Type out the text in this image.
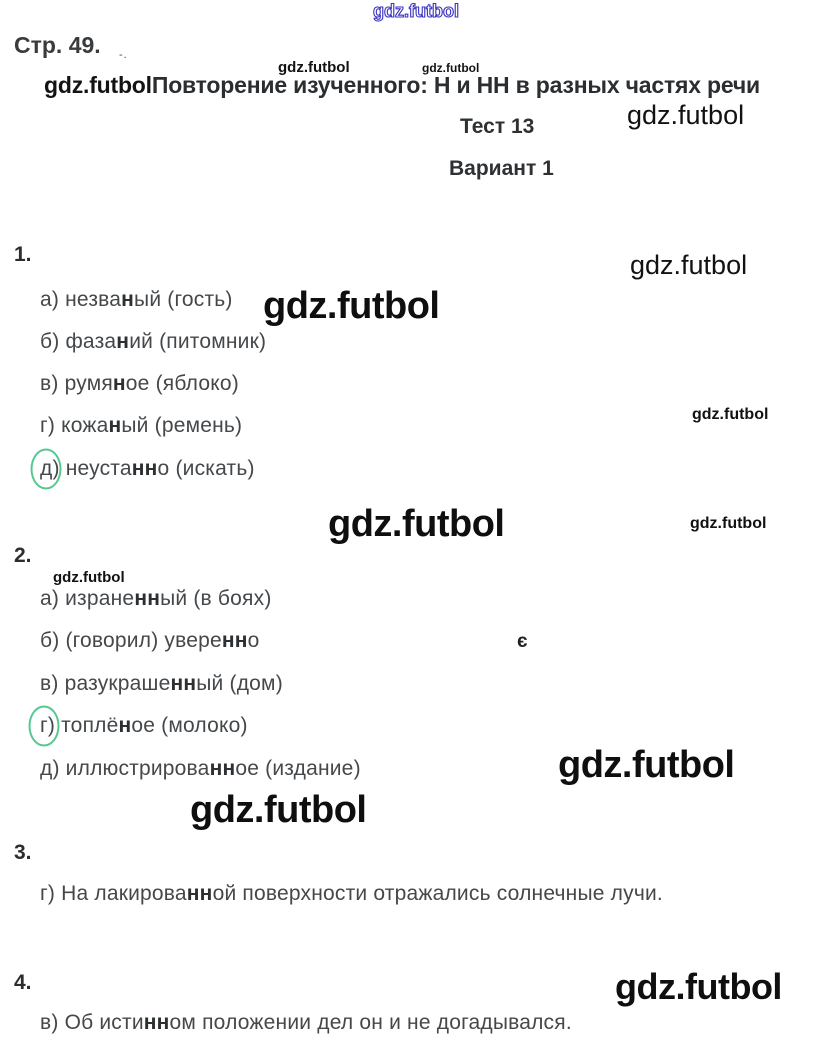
gdz.futbol
gdz.futbol	gdz.futbol
gdz.futbol
gdz.futbol
gdz.futbol
gdz.futbol
gdz.futbol	gdz.futbol
gdz.futbol
gdz.futbol
gdz.futbol
gdz.futbol
Стр. 49. -.
gdz.futbolПовторение изученного: Н и НН в разных частях речи
Тест 13
Вариант 1
1.
а) незваный (гость)
б) фазаний (питомник)
в) румяное (яблоко)
г) кожаный (ремень)
д) неустанно (искать)
2.
а) израненный (в боях)
б) (говорил) уверенно	є
в) разукрашенный (дом)
г) топлёное (молоко)
д) иллюстрированное (издание)
3.
г) На лакированной поверхности отражались солнечные лучи.
4.
в) Об истинном положении дел он и не догадывался.
